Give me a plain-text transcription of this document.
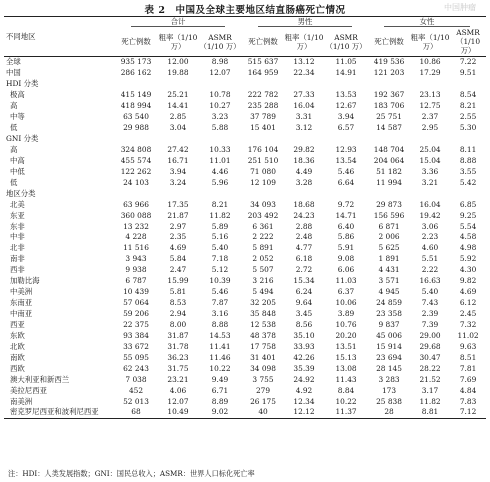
表 2　中国及全球主要地区结直肠癌死亡情况	中国肿瘤
不同地区	合计			男性			女性		
	死亡例数	粗率（1/10 万）	ASMR（1/10 万）	死亡例数	粗率（1/10 万）	ASMR（1/10 万）	死亡例数	粗率（1/10 万）	ASMR（1/10 万）
全球	935 173	12.00	8.98	515 637	13.12	11.05	419 536	10.86	7.22
中国	286 162	19.88	12.07	164 959	22.34	14.91	121 203	17.29	9.51
HDI 分类									
极高	415 149	25.21	10.78	222 782	27.33	13.53	192 367	23.13	8.54
高	418 994	14.41	10.27	235 288	16.04	12.67	183 706	12.75	8.21
中等	63 540	2.85	3.23	37 789	3.31	3.94	25 751	2.37	2.55
低	29 988	3.04	5.88	15 401	3.12	6.57	14 587	2.95	5.30
GNI 分类									
高	324 808	27.42	10.33	176 104	29.82	12.93	148 704	25.04	8.11
中高	455 574	16.71	11.01	251 510	18.36	13.54	204 064	15.04	8.88
中低	122 262	3.94	4.46	71 080	4.49	5.46	51 182	3.36	3.55
低	24 103	3.24	5.96	12 109	3.28	6.64	11 994	3.21	5.42
地区分类									
北美	63 966	17.35	8.21	34 093	18.68	9.72	29 873	16.04	6.85
东亚	360 088	21.87	11.82	203 492	24.23	14.71	156 596	19.42	9.25
东非	13 232	2.97	5.89	6 361	2.88	6.40	6 871	3.06	5.54
中非	4 228	2.35	5.16	2 222	2.48	5.86	2 006	2.23	4.58
北非	11 516	4.69	5.40	5 891	4.77	5.91	5 625	4.60	4.98
南非	3 943	5.84	7.18	2 052	6.18	9.08	1 891	5.51	5.92
西非	9 938	2.47	5.12	5 507	2.72	6.06	4 431	2.22	4.30
加勒比海	6 787	15.99	10.39	3 216	15.34	11.03	3 571	16.63	9.82
中美洲	10 439	5.81	5.46	5 494	6.24	6.37	4 945	5.40	4.69
东南亚	57 064	8.53	7.87	32 205	9.64	10.06	24 859	7.43	6.12
中南亚	59 206	2.94	3.16	35 848	3.45	3.89	23 358	2.39	2.45
西亚	22 375	8.00	8.88	12 538	8.56	10.76	9 837	7.39	7.32
东欧	93 384	31.87	14.53	48 378	35.10	20.20	45 006	29.00	11.02
北欧	33 672	31.78	11.41	17 758	33.93	13.51	15 914	29.68	9.63
南欧	55 095	36.23	11.46	31 401	42.26	15.13	23 694	30.47	8.51
西欧	62 243	31.75	10.22	34 098	35.39	13.08	28 145	28.22	7.81
澳大利亚和新西兰	7 038	23.21	9.49	3 755	24.92	11.43	3 283	21.52	7.69
美拉尼西亚	452	4.06	6.71	279	4.92	8.84	173	3.17	4.84
南美洲	52 013	12.07	8.89	26 175	12.34	10.22	25 838	11.82	7.83
密克罗尼西亚和波利尼西亚	68	10.49	9.02	40	12.12	11.37	28	8.81	7.12
注：HDI：人类发展指数；GNI：国民总收入；ASMR：世界人口标化死亡率
